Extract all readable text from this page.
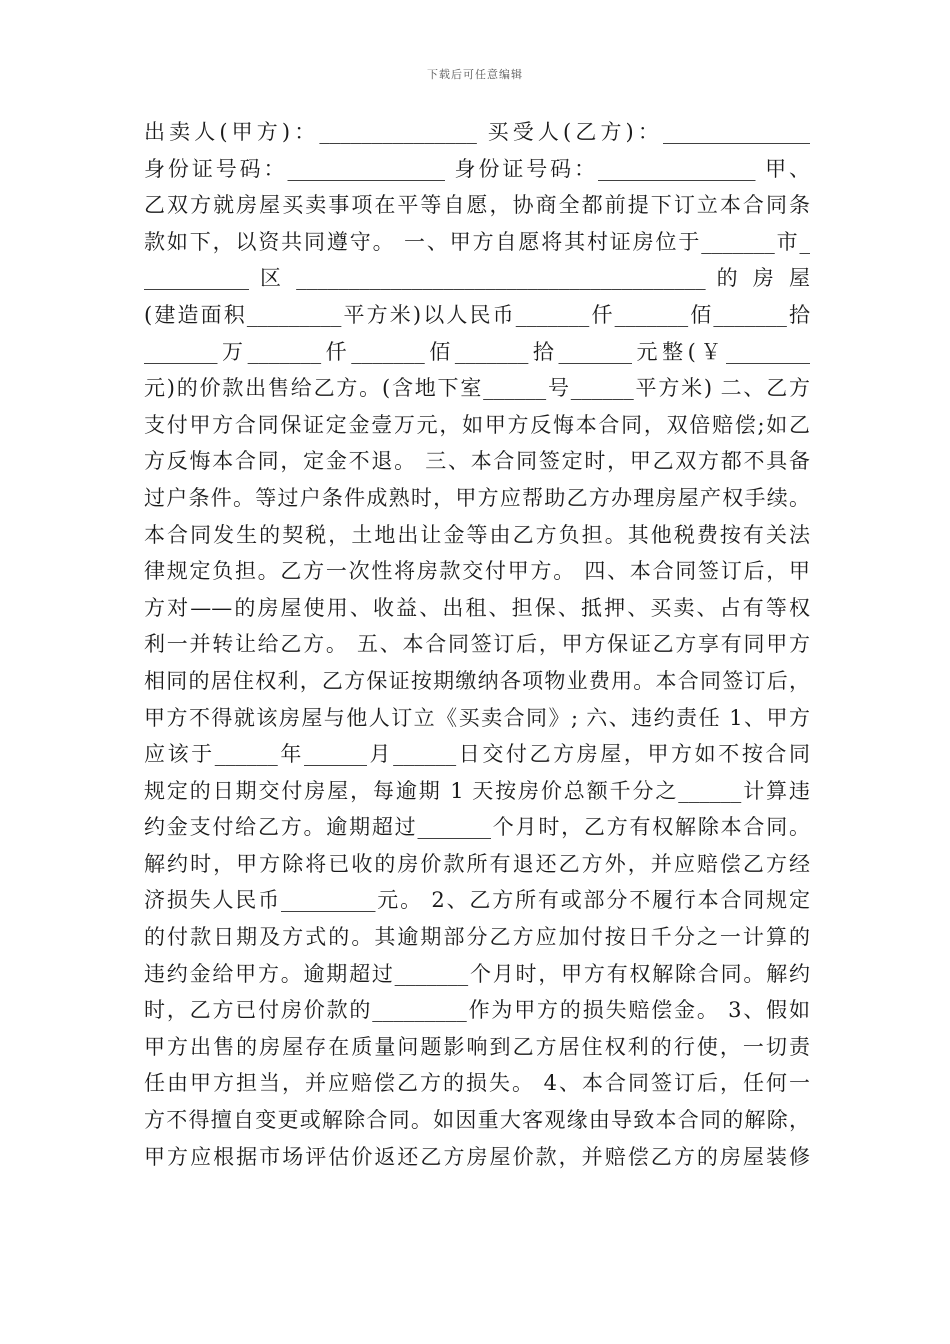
下载后可任意编辑
出卖人(甲方)：_______________ 买受人(乙方)：______________
身份证号码：_______________ 身份证号码：_______________ 甲、
乙双方就房屋买卖事项在平等自愿，协商全都前提下订立本合同条
款如下，以资共同遵守。 一、甲方自愿将其村证房位于_______市_
__________ 区 _______________________________________ 的 房 屋
(建造面积_________平方米)以人民币_______仟_______佰_______拾
_______万_______仟_______佰_______拾_______元整(￥________
元)的价款出售给乙方。(含地下室______号______平方米) 二、乙方
支付甲方合同保证定金壹万元，如甲方反悔本合同，双倍赔偿;如乙
方反悔本合同，定金不退。 三、本合同签定时，甲乙双方都不具备
过户条件。等过户条件成熟时，甲方应帮助乙方办理房屋产权手续。
本合同发生的契税，土地出让金等由乙方负担。其他税费按有关法
律规定负担。乙方一次性将房款交付甲方。 四、本合同签订后，甲
方对——的房屋使用、收益、出租、担保、抵押、买卖、占有等权
利一并转让给乙方。 五、本合同签订后，甲方保证乙方享有同甲方
相同的居住权利，乙方保证按期缴纳各项物业费用。本合同签订后，
甲方不得就该房屋与他人订立《买卖合同》; 六、违约责任 1、甲方
应该于______年______月______日交付乙方房屋，甲方如不按合同
规定的日期交付房屋，每逾期 1 天按房价总额千分之______计算违
约金支付给乙方。逾期超过_______个月时，乙方有权解除本合同。
解约时，甲方除将已收的房价款所有退还乙方外，并应赔偿乙方经
济损失人民币_________元。 2、乙方所有或部分不履行本合同规定
的付款日期及方式的。其逾期部分乙方应加付按日千分之一计算的
违约金给甲方。逾期超过_______个月时，甲方有权解除合同。解约
时，乙方已付房价款的_________作为甲方的损失赔偿金。 3、假如
甲方出售的房屋存在质量问题影响到乙方居住权利的行使，一切责
任由甲方担当，并应赔偿乙方的损失。 4、本合同签订后，任何一
方不得擅自变更或解除合同。如因重大客观缘由导致本合同的解除，
甲方应根据市场评估价返还乙方房屋价款，并赔偿乙方的房屋装修
